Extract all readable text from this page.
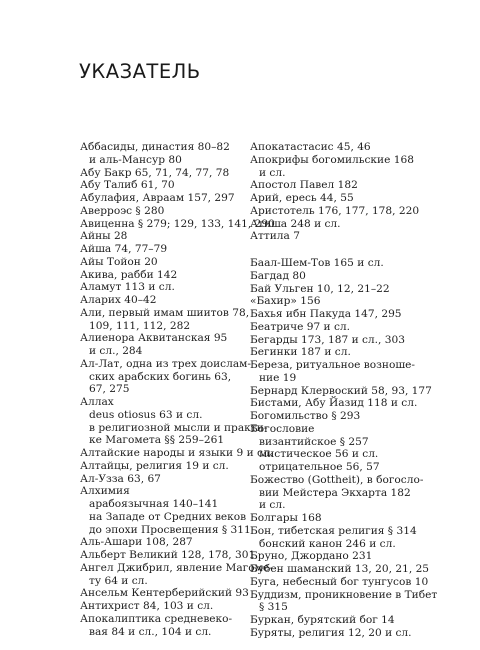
УКАЗАТЕЛЬ
Аббасиды, династия 80–82
и аль-Мансур 80
Абу Бакр 65, 71, 74, 77, 78
Абу Талиб 61, 70
Абулафия, Авраам 157, 297
Аверроэс § 280
Авиценна § 279; 129, 133, 141, 290
Айны 28
Айша 74, 77–79
Айы Тойон 20
Акива, рабби 142
Аламут 113 и сл.
Аларих 40–42
Али, первый имам шиитов 78,
109, 111, 112, 282
Алиенора Аквитанская 95
и сл., 284
Ал-Лат, одна из трех доислам-
ских арабских богинь 63,
67, 275
Аллах
deus otiosus 63 и сл.
в религиозной мысли и практи-
ке Магомета §§ 259–261
Алтайские народы и языки 9 и сл.
Алтайцы, религия 19 и сл.
Ал-Узза 63, 67
Алхимия
арабоязычная 140–141
на Западе от Средних веков
до эпохи Просвещения § 311
Аль-Ашари 108, 287
Альберт Великий 128, 178, 301
Ангел Джибрил, явление Магомe-
ту 64 и сл.
Ансельм Кентерберийский 93
Антихрист 84, 103 и сл.
Апокалиптика средневеко-
вая 84 и сл., 104 и сл.
Апокатастасис 45, 46
Апокрифы богомильские 168
и сл.
Апостол Павел 182
Арий, ересь 44, 55
Аристотель 176, 177, 178, 220
Атиша 248 и сл.
Аттила 7
Баал-Шем-Тов 165 и сл.
Багдад 80
Бай Ульген 10, 12, 21–22
«Бахир» 156
Бахья ибн Пакуда 147, 295
Беатриче 97 и сл.
Бегарды 173, 187 и сл., 303
Бегинки 187 и сл.
Береза, ритуальное вознoше-
ние 19
Бернард Клервоский 58, 93, 177
Бистами, Абу Йазид 118 и сл.
Богомильство § 293
Богословие
византийское § 257
мистическое 56 и сл.
отрицательное 56, 57
Божество (Gottheit), в богосло-
вии Мейстера Экхарта 182
и сл.
Болгары 168
Бон, тибетская религия § 314
бонский канон 246 и сл.
Бруно, Джордано 231
Бубен шаманский 13, 20, 21, 25
Буга, небесный бог тунгусов 10
Буддизм, проникновение в Тибет
§ 315
Буркан, бурятский бог 14
Буряты, религия 12, 20 и сл.
